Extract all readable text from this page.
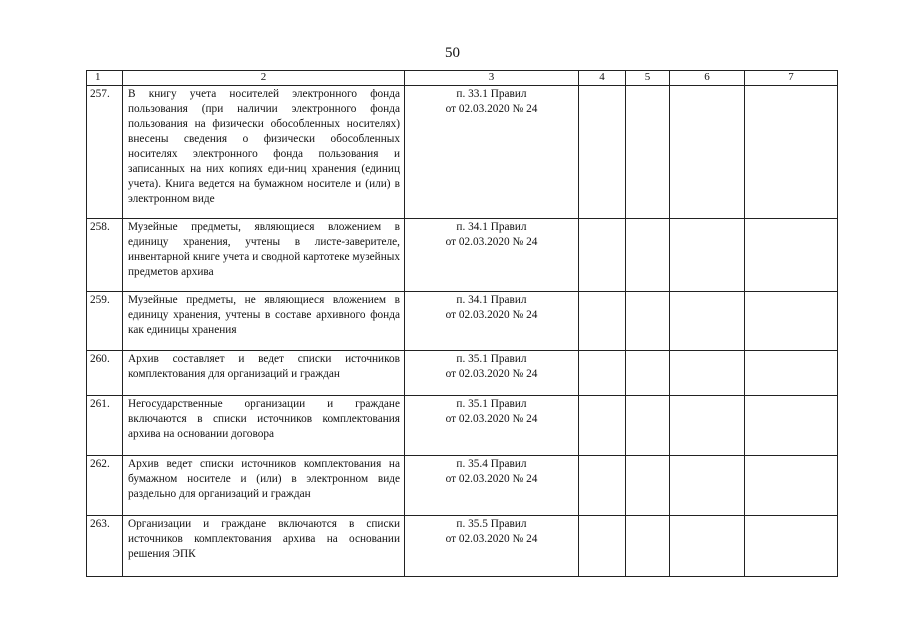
50
1	2	3	4	5	6	7
257.	В книгу учета носителей электронного фонда пользования (при наличии электронного фонда пользования на физически обособленных носителях) внесены сведения о физически обособленных носителях электронного фонда пользования и записанных на них копиях еди-ниц хранения (единиц учета). Книга ведется на бумажном носителе и (или) в электронном виде	п. 33.1 Правил
от 02.03.2020 № 24				

258.	Музейные предметы, являющиеся вложением в единицу хранения, учтены в листе-заверителе, инвентарной книге учета и сводной картотеке музейных предметов архива	п. 34.1 Правил
от 02.03.2020 № 24				

259.	Музейные предметы, не являющиеся вложением в единицу хранения, учтены в составе архивного фонда как единицы хранения	п. 34.1 Правил
от 02.03.2020 № 24				

260.	Архив составляет и ведет списки источников комплектования для организаций и граждан	п. 35.1 Правил
от 02.03.2020 № 24				

261.	Негосударственные организации и граждане включаются в списки источников комплектования архива на основании договора	п. 35.1 Правил
от 02.03.2020 № 24				

262.	Архив ведет списки источников комплектования на бумажном носителе и (или) в электронном виде раздельно для организаций и граждан	п. 35.4 Правил
от 02.03.2020 № 24				

263.	Организации и граждане включаются в списки источников комплектования архива на основании решения ЭПК	п. 35.5 Правил
от 02.03.2020 № 24				
